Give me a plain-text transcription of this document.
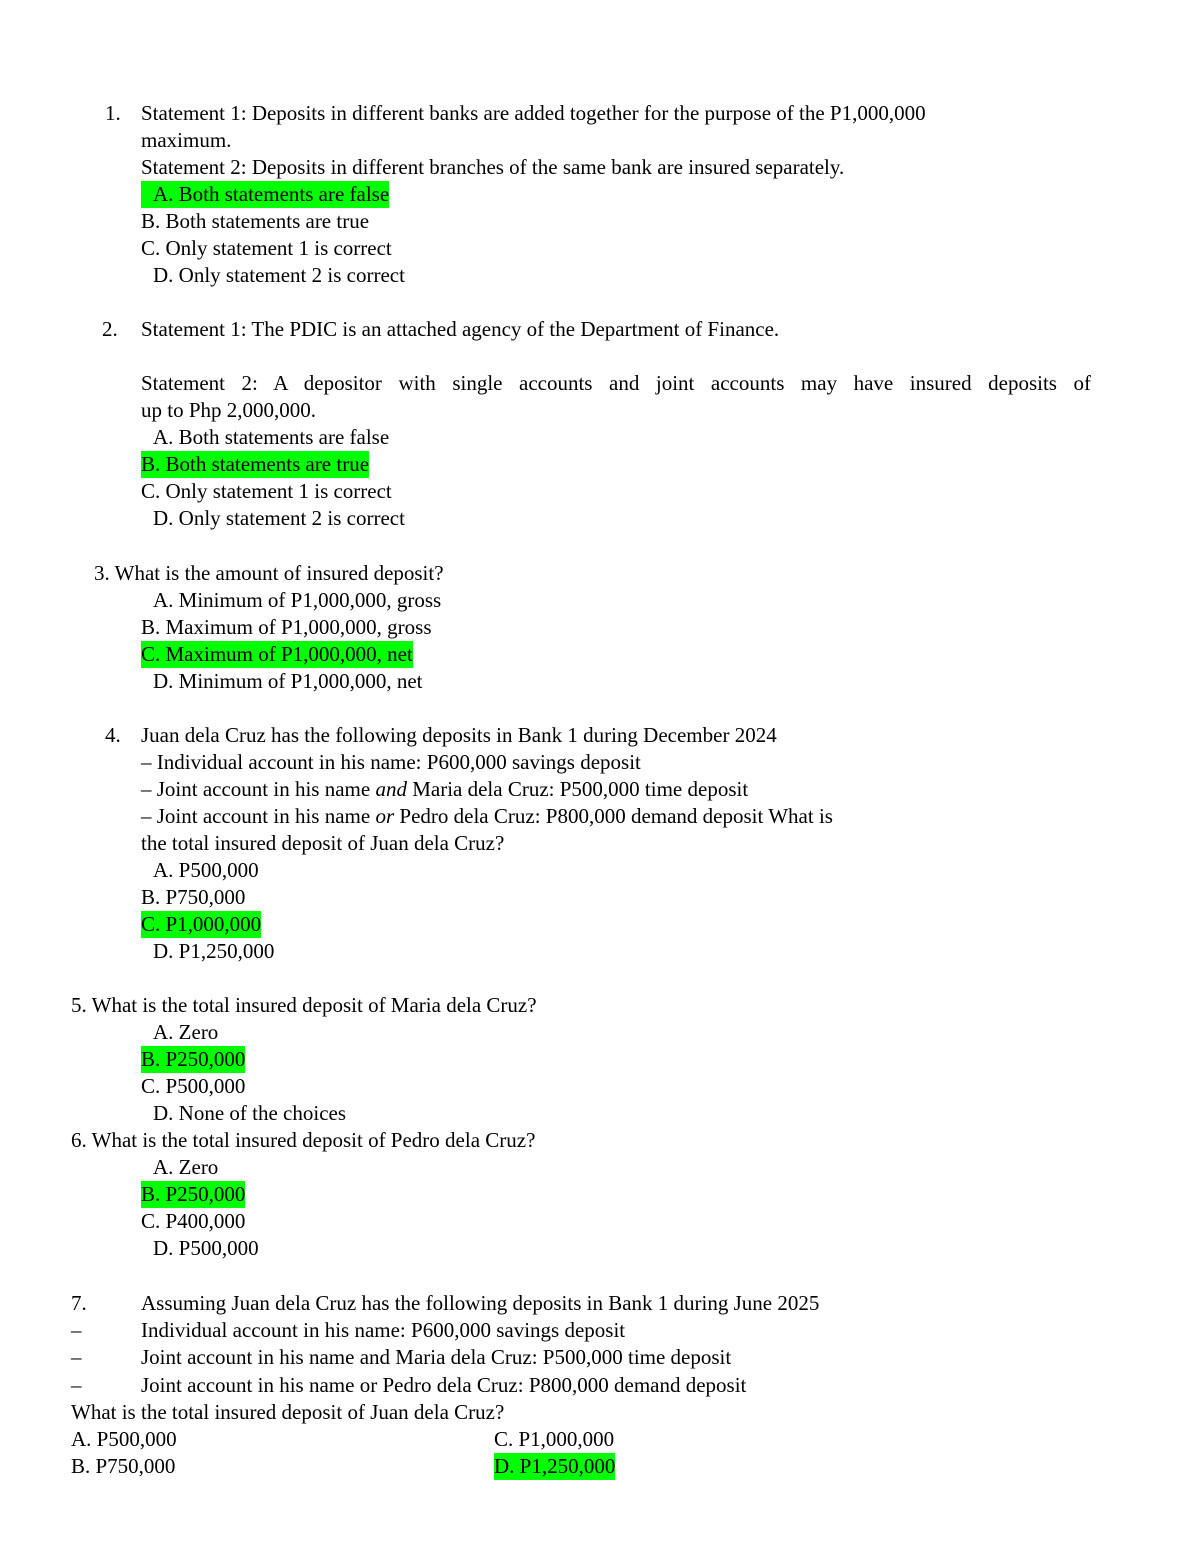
1. Statement 1: Deposits in different banks are added together for the purpose of the P1,000,000
maximum.
Statement 2: Deposits in different branches of the same bank are insured separately.
A. Both statements are false
B. Both statements are true
C. Only statement 1 is correct
D. Only statement 2 is correct
2. Statement 1: The PDIC is an attached agency of the Department of Finance.
Statement 2: A depositor with single accounts and joint accounts may have insured deposits of
up to Php 2,000,000.
A. Both statements are false
B. Both statements are true
C. Only statement 1 is correct
D. Only statement 2 is correct
3. What is the amount of insured deposit?
A. Minimum of P1,000,000, gross
B. Maximum of P1,000,000, gross
C. Maximum of P1,000,000, net
D. Minimum of P1,000,000, net
4. Juan dela Cruz has the following deposits in Bank 1 during December 2024
– Individual account in his name: P600,000 savings deposit
– Joint account in his name and Maria dela Cruz: P500,000 time deposit
– Joint account in his name or Pedro dela Cruz: P800,000 demand deposit What is
the total insured deposit of Juan dela Cruz?
A. P500,000
B. P750,000
C. P1,000,000
D. P1,250,000
5. What is the total insured deposit of Maria dela Cruz?
A. Zero
B. P250,000
C. P500,000
D. None of the choices
6. What is the total insured deposit of Pedro dela Cruz?
A. Zero
B. P250,000
C. P400,000
D. P500,000
7.	Assuming Juan dela Cruz has the following deposits in Bank 1 during June 2025
–	Individual account in his name: P600,000 savings deposit
–	Joint account in his name and Maria dela Cruz: P500,000 time deposit
–	Joint account in his name or Pedro dela Cruz: P800,000 demand deposit
What is the total insured deposit of Juan dela Cruz?
A. P500,000	C. P1,000,000
B. P750,000	D. P1,250,000
